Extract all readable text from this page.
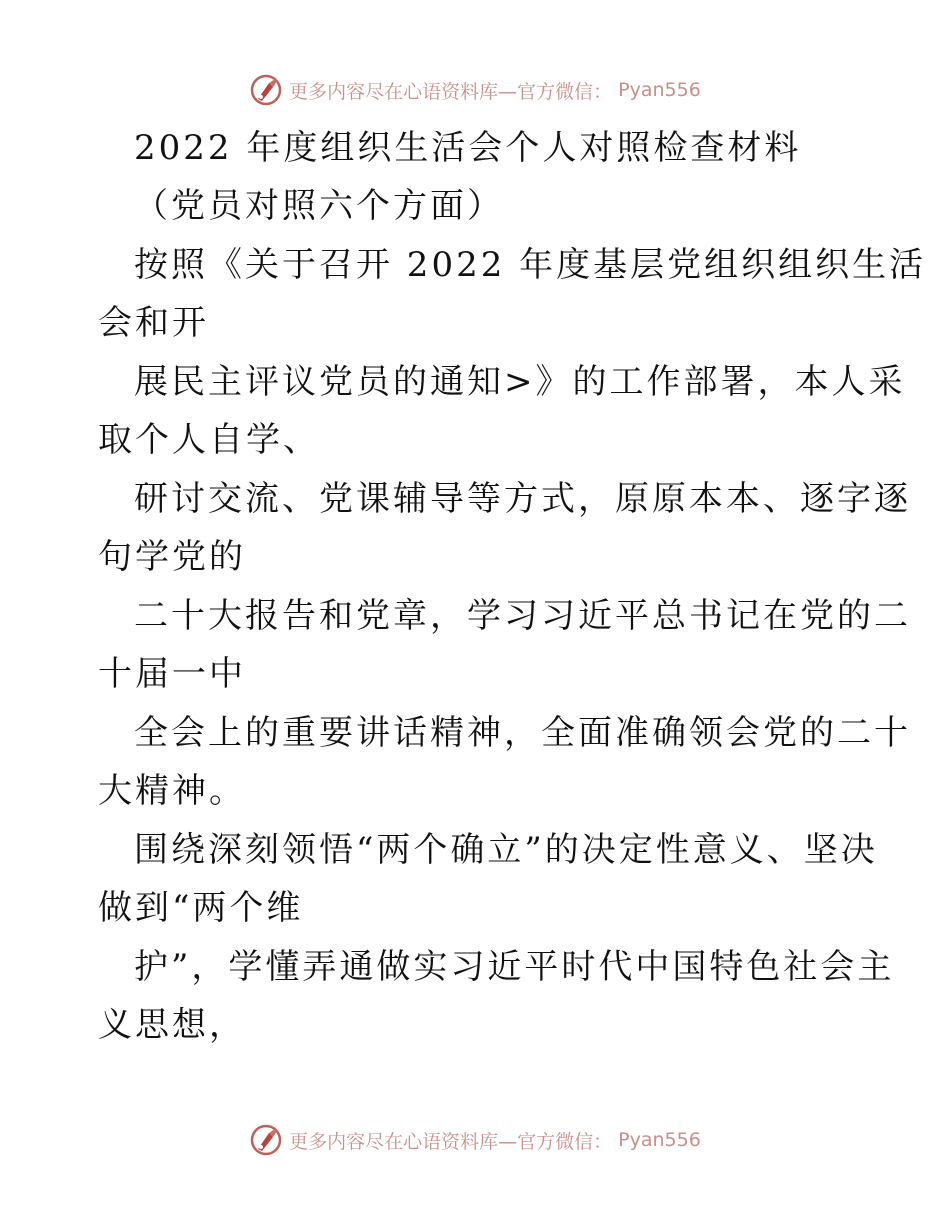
更多内容尽在心语资料库—官方微信： Pyan556
2022 年度组织生活会个人对照检查材料
（党员对照六个方面）
按照《关于召开 2022 年度基层党组织组织生活
会和开
展民主评议党员的通知>》的工作部署，本人采
取个人自学、
研讨交流、党课辅导等方式，原原本本、逐字逐
句学党的
二十大报告和党章，学习习近平总书记在党的二
十届一中
全会上的重要讲话精神，全面准确领会党的二十
大精神。
围绕深刻领悟“两个确立”的决定性意义、坚决
做到“两个维
护”，学懂弄通做实习近平时代中国特色社会主
义思想，
更多内容尽在心语资料库—官方微信： Pyan556
